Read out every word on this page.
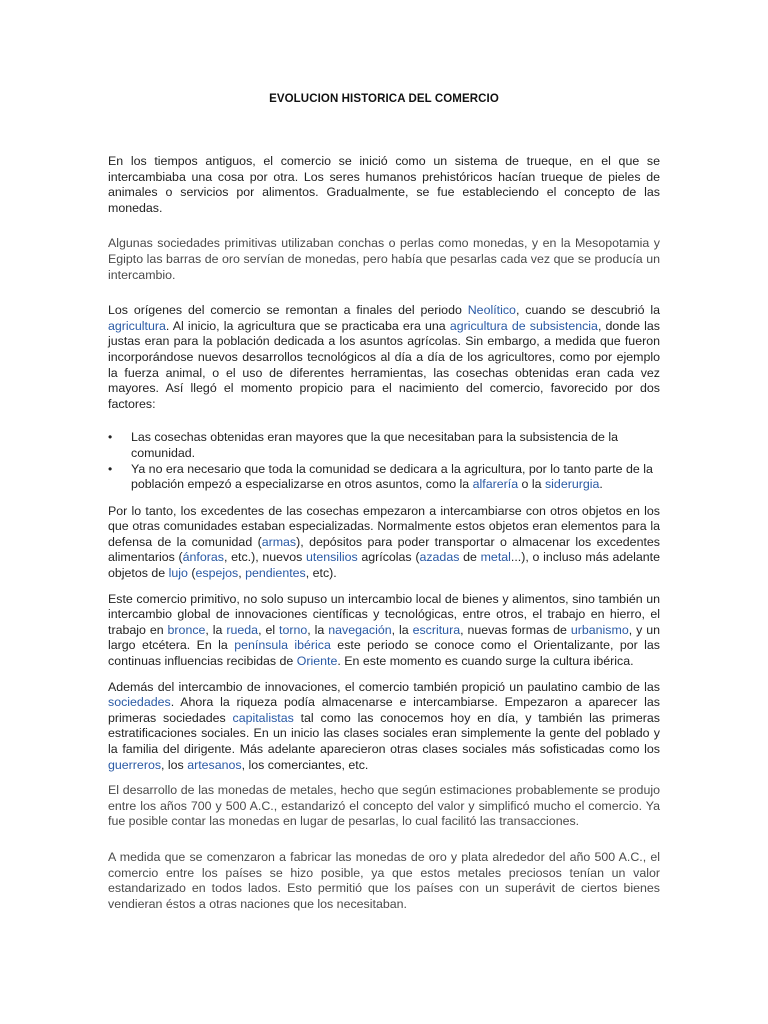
EVOLUCION HISTORICA DEL COMERCIO

En los tiempos antiguos, el comercio se inició como un sistema de trueque, en el que se intercambiaba una cosa por otra. Los seres humanos prehistóricos hacían trueque de pieles de animales o servicios por alimentos. Gradualmente, se fue estableciendo el concepto de las monedas.

Algunas sociedades primitivas utilizaban conchas o perlas como monedas, y en la Mesopotamia y Egipto las barras de oro servían de monedas, pero había que pesarlas cada vez que se producía un intercambio.

Los orígenes del comercio se remontan a finales del periodo Neolítico, cuando se descubrió la agricultura. Al inicio, la agricultura que se practicaba era una agricultura de subsistencia, donde las justas eran para la población dedicada a los asuntos agrícolas. Sin embargo, a medida que fueron incorporándose nuevos desarrollos tecnológicos al día a día de los agricultores, como por ejemplo la fuerza animal, o el uso de diferentes herramientas, las cosechas obtenidas eran cada vez mayores. Así llegó el momento propicio para el nacimiento del comercio, favorecido por dos factores:

• Las cosechas obtenidas eran mayores que la que necesitaban para la subsistencia de la comunidad.
• Ya no era necesario que toda la comunidad se dedicara a la agricultura, por lo tanto parte de la población empezó a especializarse en otros asuntos, como la alfarería o la siderurgia.

Por lo tanto, los excedentes de las cosechas empezaron a intercambiarse con otros objetos en los que otras comunidades estaban especializadas. Normalmente estos objetos eran elementos para la defensa de la comunidad (armas), depósitos para poder transportar o almacenar los excedentes alimentarios (ánforas, etc.), nuevos utensilios agrícolas (azadas de metal...), o incluso más adelante objetos de lujo (espejos, pendientes, etc).

Este comercio primitivo, no solo supuso un intercambio local de bienes y alimentos, sino también un intercambio global de innovaciones científicas y tecnológicas, entre otros, el trabajo en hierro, el trabajo en bronce, la rueda, el torno, la navegación, la escritura, nuevas formas de urbanismo, y un largo etcétera. En la península ibérica este periodo se conoce como el Orientalizante, por las continuas influencias recibidas de Oriente. En este momento es cuando surge la cultura ibérica.

Además del intercambio de innovaciones, el comercio también propició un paulatino cambio de las sociedades. Ahora la riqueza podía almacenarse e intercambiarse. Empezaron a aparecer las primeras sociedades capitalistas tal como las conocemos hoy en día, y también las primeras estratificaciones sociales. En un inicio las clases sociales eran simplemente la gente del poblado y la familia del dirigente. Más adelante aparecieron otras clases sociales más sofisticadas como los guerreros, los artesanos, los comerciantes, etc.

El desarrollo de las monedas de metales, hecho que según estimaciones probablemente se produjo entre los años 700 y 500 A.C., estandarizó el concepto del valor y simplificó mucho el comercio. Ya fue posible contar las monedas en lugar de pesarlas, lo cual facilitó las transacciones.

A medida que se comenzaron a fabricar las monedas de oro y plata alrededor del año 500 A.C., el comercio entre los países se hizo posible, ya que estos metales preciosos tenían un valor estandarizado en todos lados. Esto permitió que los países con un superávit de ciertos bienes vendieran éstos a otras naciones que los necesitaban.
